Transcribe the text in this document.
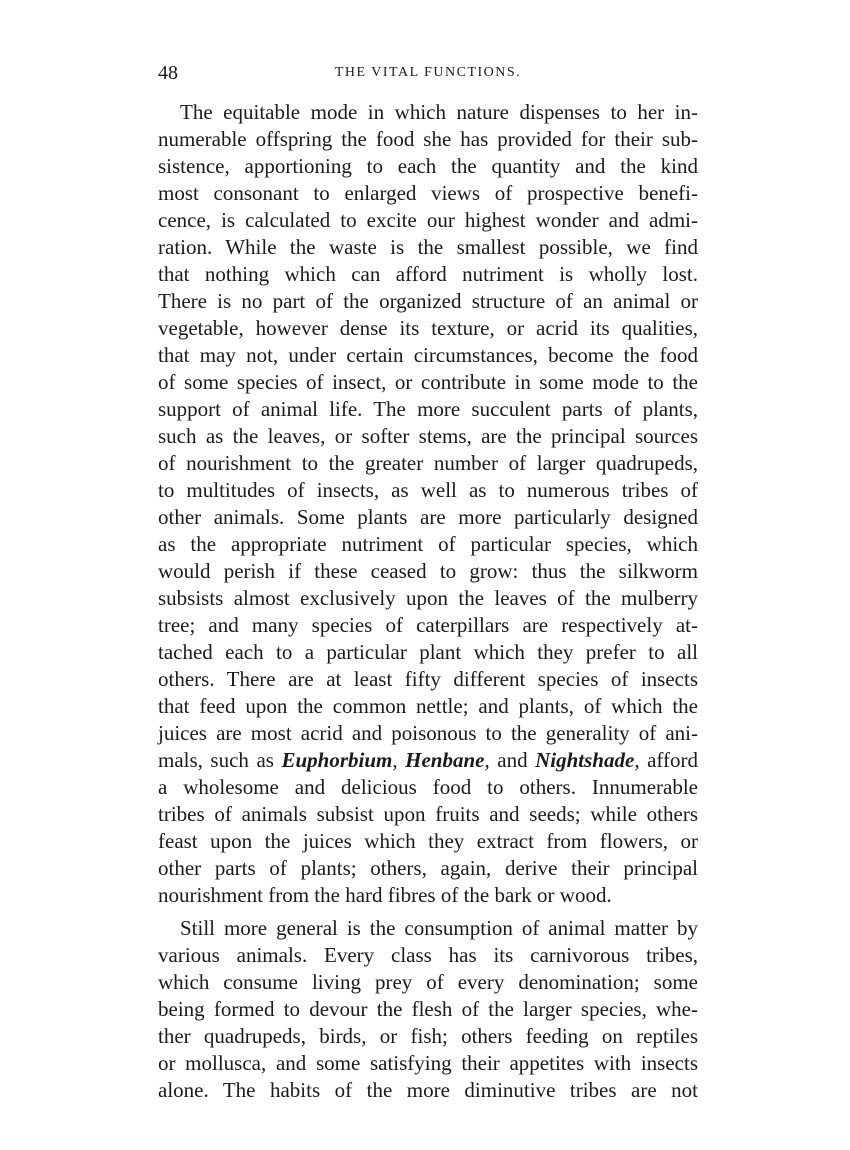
48	THE VITAL FUNCTIONS.

The equitable mode in which nature dispenses to her in-
numerable offspring the food she has provided for their sub-
sistence, apportioning to each the quantity and the kind
most consonant to enlarged views of prospective benefi-
cence, is calculated to excite our highest wonder and admi-
ration. While the waste is the smallest possible, we find
that nothing which can afford nutriment is wholly lost.
There is no part of the organized structure of an animal or
vegetable, however dense its texture, or acrid its qualities,
that may not, under certain circumstances, become the food
of some species of insect, or contribute in some mode to the
support of animal life. The more succulent parts of plants,
such as the leaves, or softer stems, are the principal sources
of nourishment to the greater number of larger quadrupeds,
to multitudes of insects, as well as to numerous tribes of
other animals. Some plants are more particularly designed
as the appropriate nutriment of particular species, which
would perish if these ceased to grow: thus the silkworm
subsists almost exclusively upon the leaves of the mulberry
tree; and many species of caterpillars are respectively at-
tached each to a particular plant which they prefer to all
others. There are at least fifty different species of insects
that feed upon the common nettle; and plants, of which the
juices are most acrid and poisonous to the generality of ani-
mals, such as Euphorbium, Henbane, and Nightshade, afford
a wholesome and delicious food to others. Innumerable
tribes of animals subsist upon fruits and seeds; while others
feast upon the juices which they extract from flowers, or
other parts of plants; others, again, derive their principal
nourishment from the hard fibres of the bark or wood.

Still more general is the consumption of animal matter by
various animals. Every class has its carnivorous tribes,
which consume living prey of every denomination; some
being formed to devour the flesh of the larger species, whe-
ther quadrupeds, birds, or fish; others feeding on reptiles
or mollusca, and some satisfying their appetites with insects
alone. The habits of the more diminutive tribes are not
